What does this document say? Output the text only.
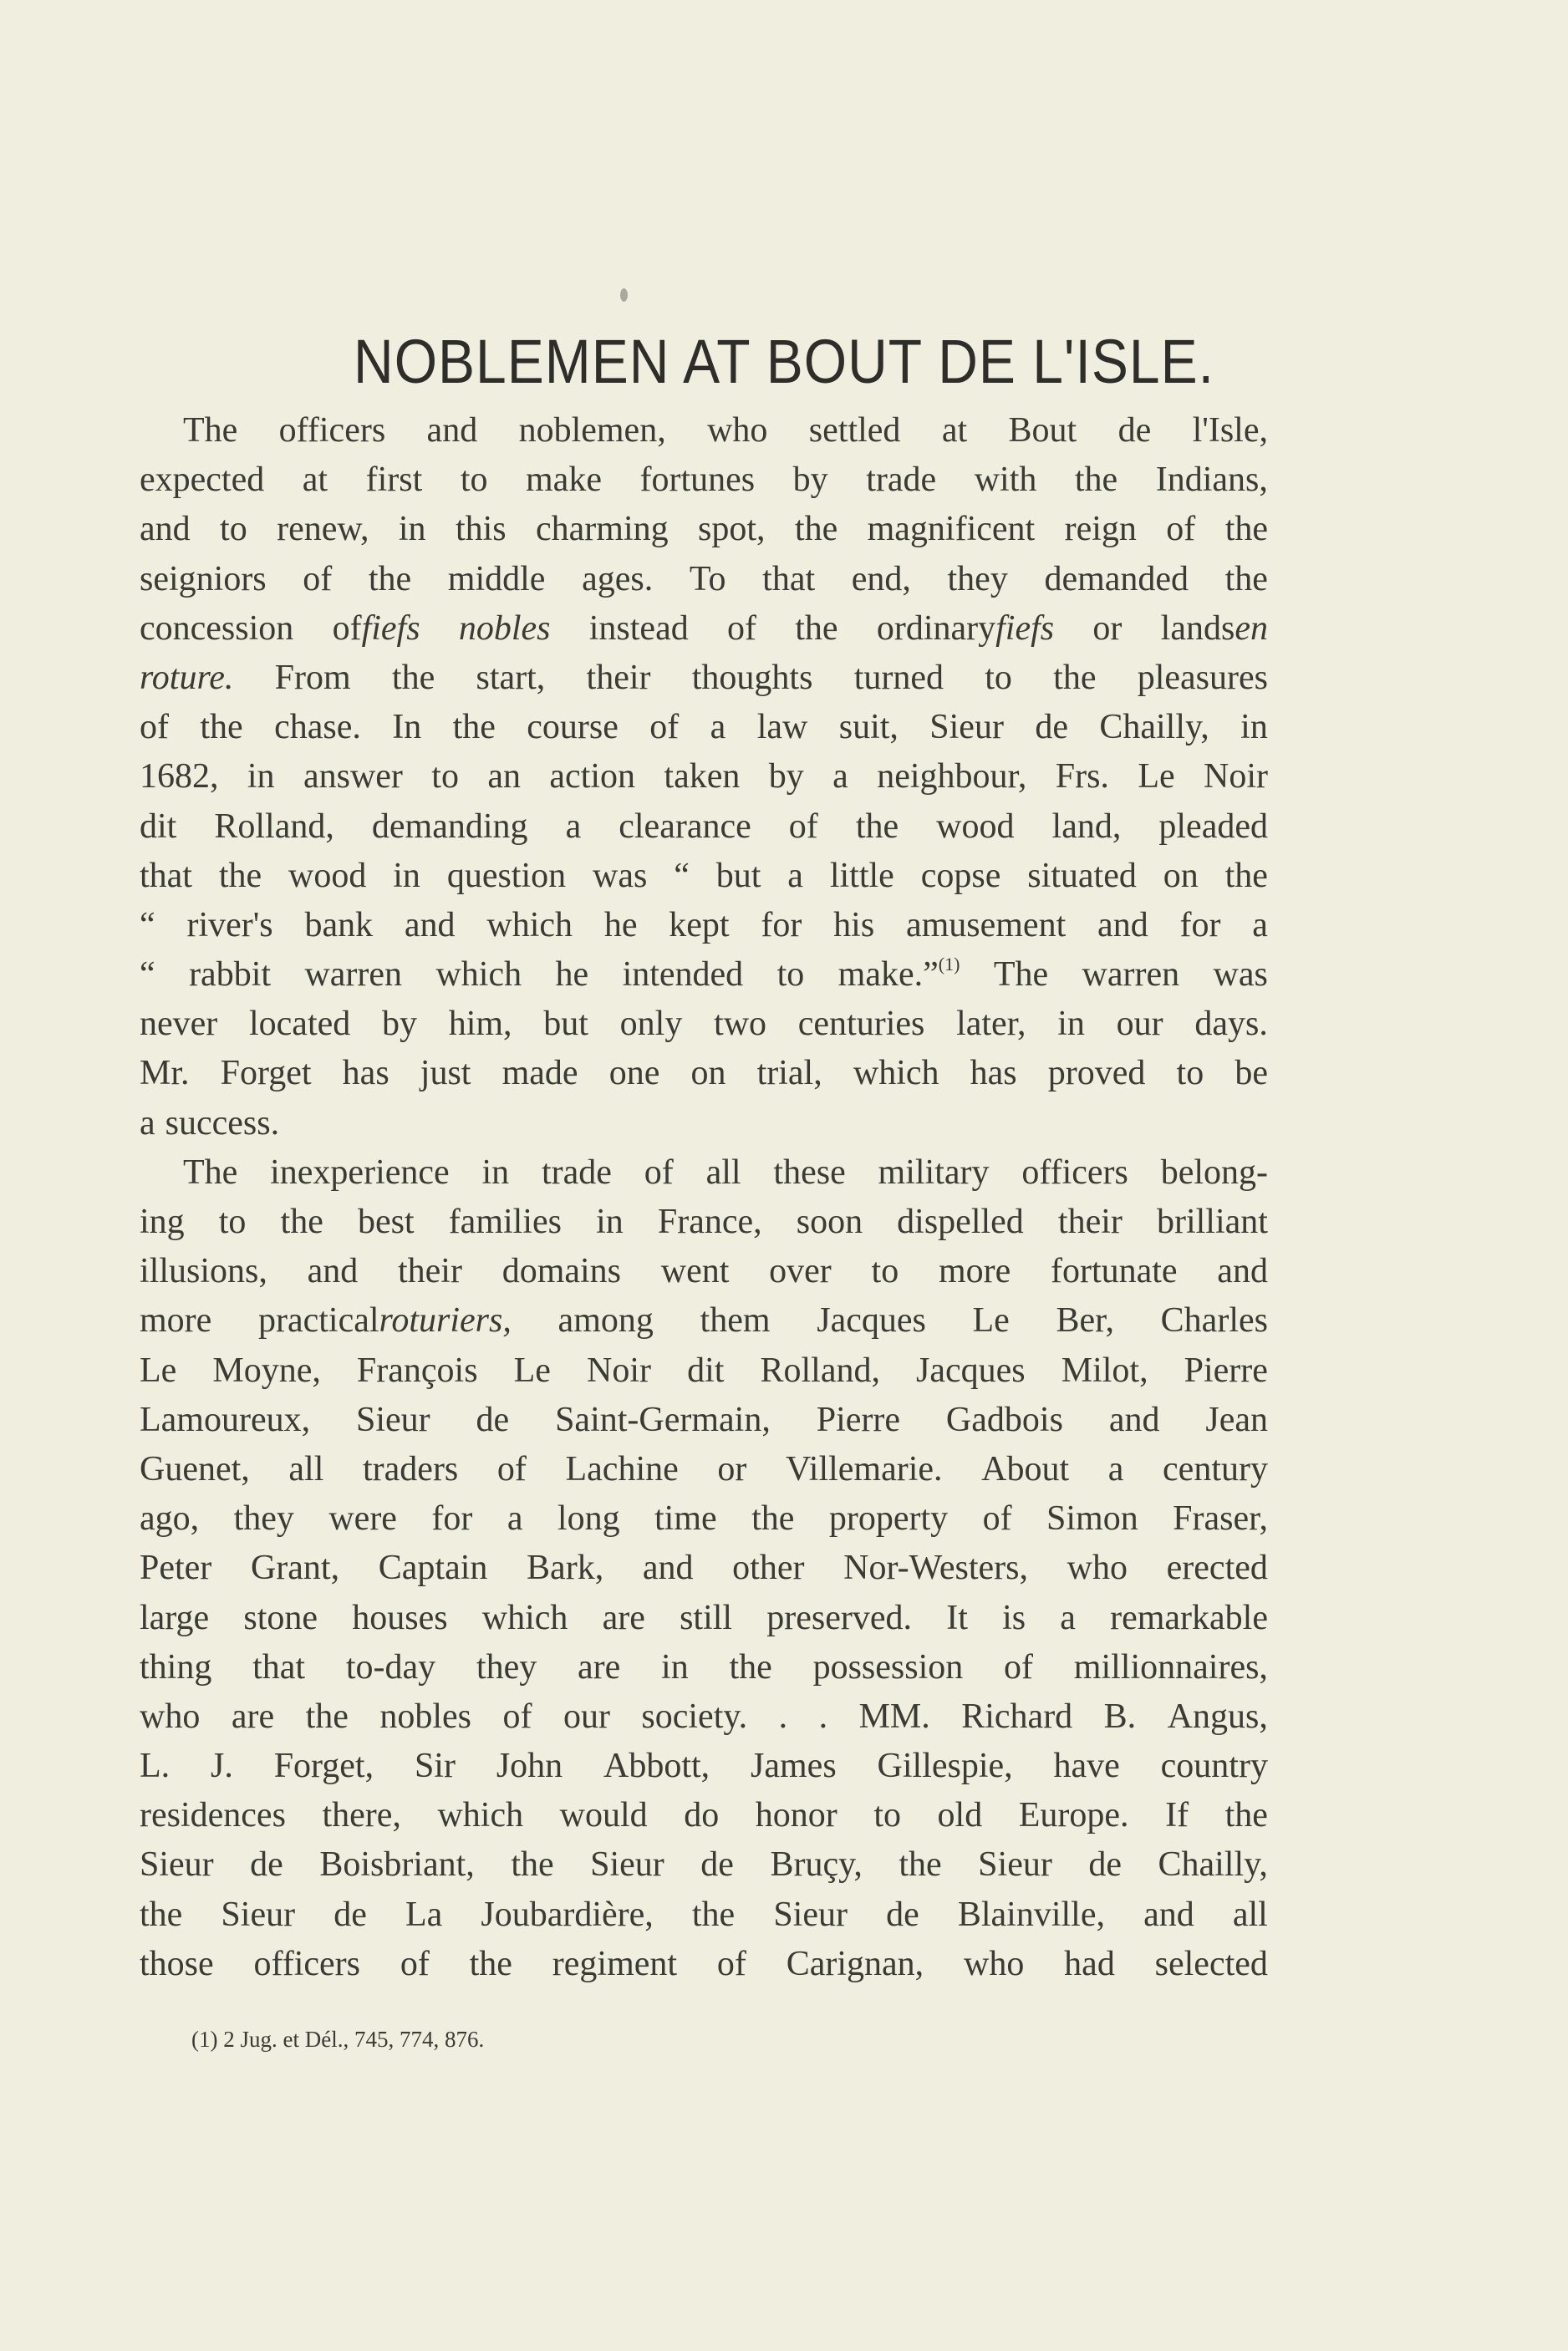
NOBLEMEN AT BOUT DE L'ISLE.
The officers and noblemen, who settled at Bout de l'Isle,
expected at first to make fortunes by trade with the Indians,
and to renew, in this charming spot, the magnificent reign of the
seigniors of the middle ages. To that end, they demanded the
concession offiefs nobles instead of the ordinaryfiefs or landsen
roture. From the start, their thoughts turned to the pleasures
of the chase. In the course of a law suit, Sieur de Chailly, in
1682, in answer to an action taken by a neighbour, Frs. Le Noir
dit Rolland, demanding a clearance of the wood land, pleaded
that the wood in question was “ but a little copse situated on the
“ river's bank and which he kept for his amusement and for a
“ rabbit warren which he intended to make.”$^{(1)}$ The warren was
never located by him, but only two centuries later, in our days.
Mr. Forget has just made one on trial, which has proved to be
a success.
The inexperience in trade of all these military officers belong-
ing to the best families in France, soon dispelled their brilliant
illusions, and their domains went over to more fortunate and
more practicalroturiers, among them Jacques Le Ber, Charles
Le Moyne, François Le Noir dit Rolland, Jacques Milot, Pierre
Lamoureux, Sieur de Saint-Germain, Pierre Gadbois and Jean
Guenet, all traders of Lachine or Villemarie. About a century
ago, they were for a long time the property of Simon Fraser,
Peter Grant, Captain Bark, and other Nor-Westers, who erected
large stone houses which are still preserved. It is a remarkable
thing that to-day they are in the possession of millionnaires,
who are the nobles of our society. . . MM. Richard B. Angus,
L. J. Forget, Sir John Abbott, James Gillespie, have country
residences there, which would do honor to old Europe. If the
Sieur de Boisbriant, the Sieur de Bruçy, the Sieur de Chailly,
the Sieur de La Joubardière, the Sieur de Blainville, and all
those officers of the regiment of Carignan, who had selected
(1) 2 Jug. et Dél., 745, 774, 876.
